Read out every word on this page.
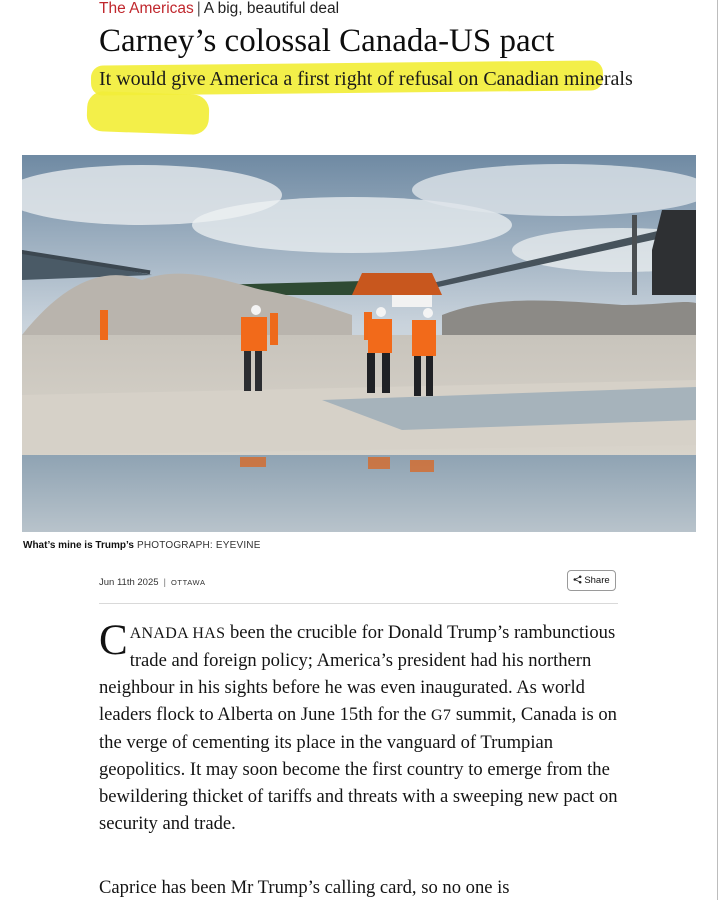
The Americas | A big, beautiful deal
Carney’s colossal Canada-US pact

It would give America a first right of refusal on Canadian minerals

What’s mine is Trump’s PHOTOGRAPH: EYEVINE
Jun 11th 2025 | OTTAWA	Share

CANADA HAS been the crucible for Donald Trump’s rambunctious trade and foreign policy; America’s president had his northern neighbour in his sights before he was even inaugurated. As world leaders flock to Alberta on June 15th for the G7 summit, Canada is on the verge of cementing its place in the vanguard of Trumpian geopolitics. It may soon become the first country to emerge from the bewildering thicket of tariffs and threats with a sweeping new pact on security and trade.

Caprice has been Mr Trump’s calling card, so no one is
